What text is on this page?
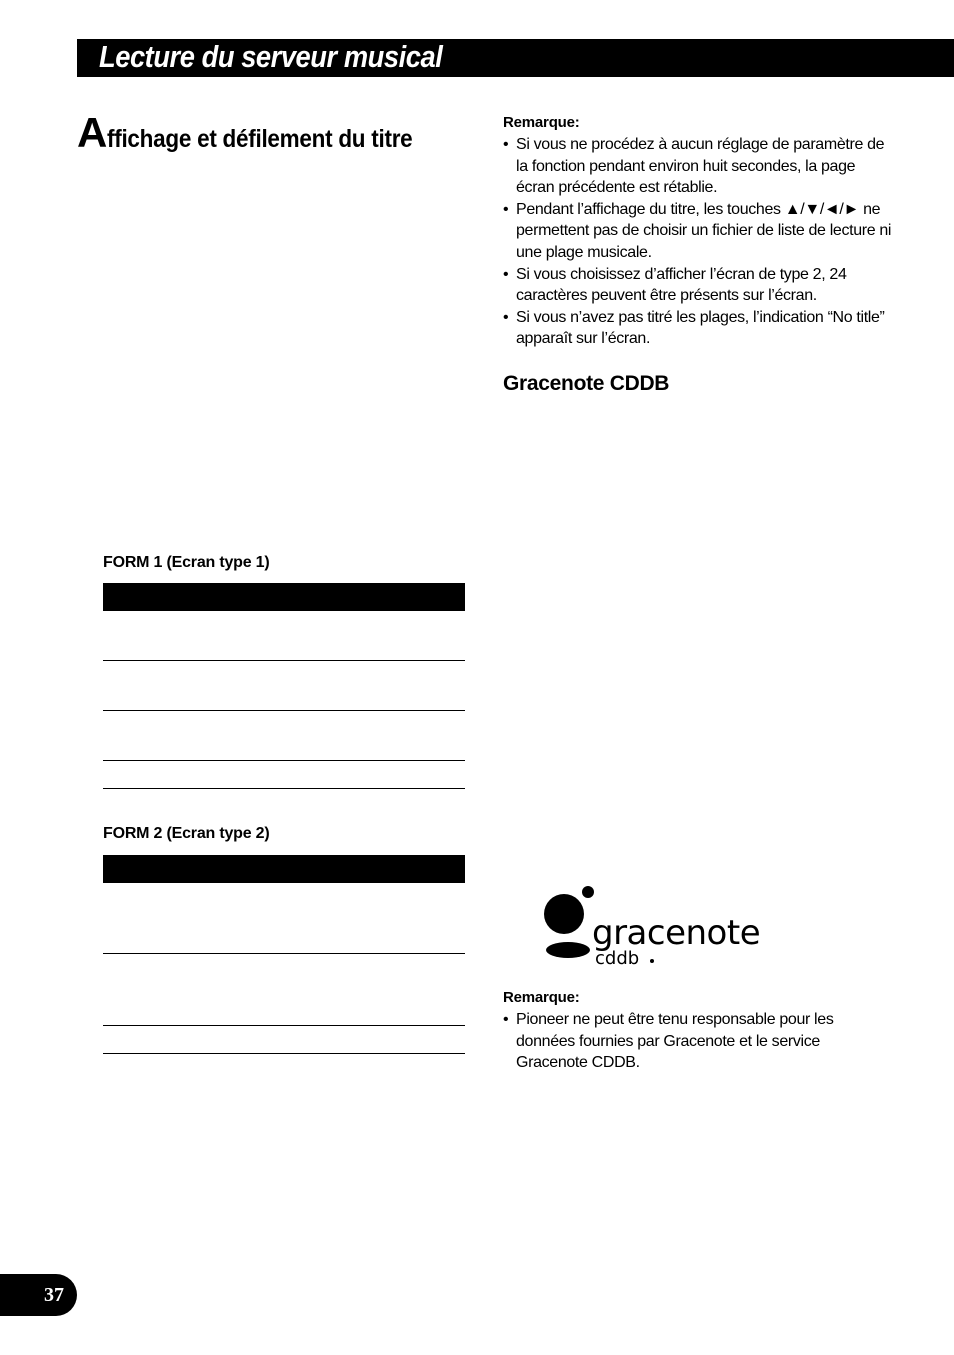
Lecture du serveur musical
Affichage et défilement du titre
FORM 1 (Ecran type 1)
FORM 2 (Ecran type 2)
Remarque:
• Si vous ne procédez à aucun réglage de paramètre de la fonction pendant environ huit secondes, la page écran précédente est rétablie.
• Pendant l’affichage du titre, les touches ▲/▼/◄/► ne permettent pas de choisir un fichier de liste de lecture ni une plage musicale.
• Si vous choisissez d’afficher l’écran de type 2, 24 caractères peuvent être présents sur l’écran.
• Si vous n’avez pas titré les plages, l’indication “No title” apparaît sur l’écran.
Gracenote CDDB
gracenote
cddb
Remarque:
• Pioneer ne peut être tenu responsable pour les données fournies par Gracenote et le service Gracenote CDDB.
37
